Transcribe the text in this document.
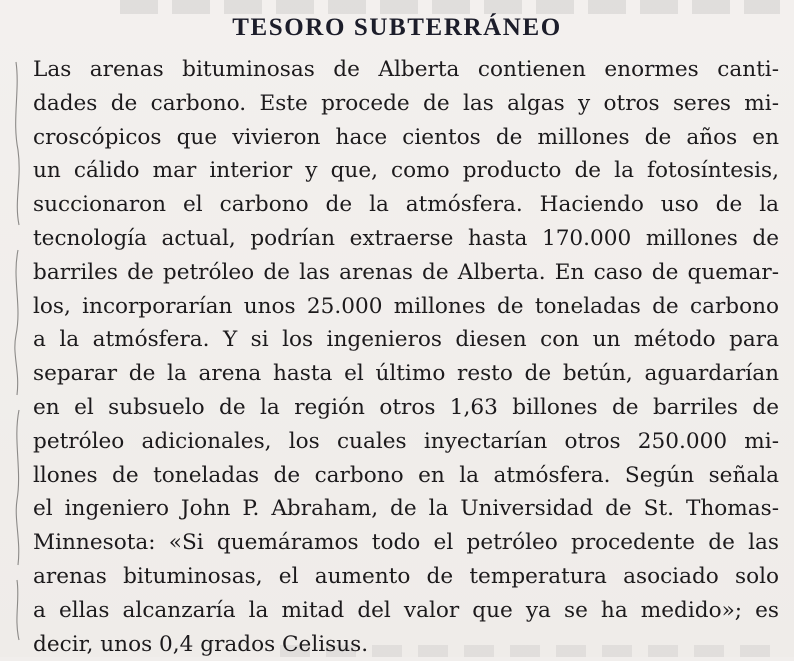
TESORO SUBTERRÁNEO
Las arenas bituminosas de Alberta contienen enormes canti-
dades de carbono. Este procede de las algas y otros seres mi-
croscópicos que vivieron hace cientos de millones de años en
un cálido mar interior y que, como producto de la fotosíntesis,
succionaron el carbono de la atmósfera. Haciendo uso de la
tecnología actual, podrían extraerse hasta 170.000 millones de
barriles de petróleo de las arenas de Alberta. En caso de quemar-
los, incorporarían unos 25.000 millones de toneladas de carbono
a la atmósfera. Y si los ingenieros diesen con un método para
separar de la arena hasta el último resto de betún, aguardarían
en el subsuelo de la región otros 1,63 billones de barriles de
petróleo adicionales, los cuales inyectarían otros 250.000 mi-
llones de toneladas de carbono en la atmósfera. Según señala
el ingeniero John P. Abraham, de la Universidad de St. Thomas-
Minnesota: «Si quemáramos todo el petróleo procedente de las
arenas bituminosas, el aumento de temperatura asociado solo
a ellas alcanzaría la mitad del valor que ya se ha medido»; es
decir, unos 0,4 grados Celisus.
